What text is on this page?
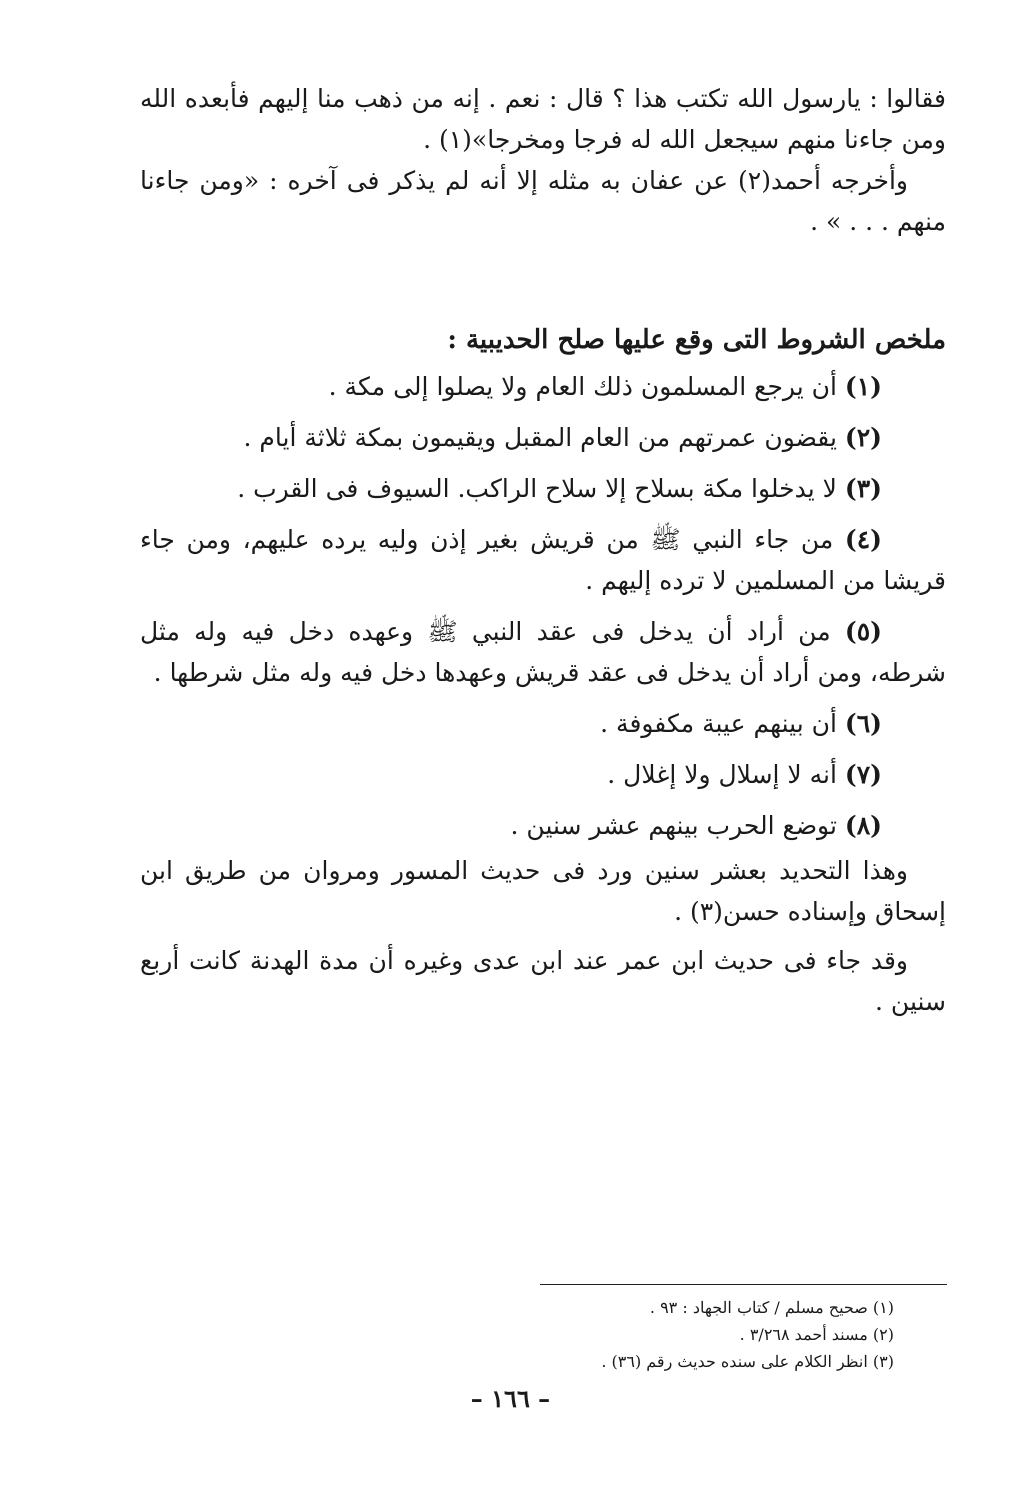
فقالوا : يارسول الله تكتب هذا ؟ قال : نعم . إنه من ذهب منا إليهم فأبعده الله ومن جاءنا منهم سيجعل الله له فرجا ومخرجا»(١) .

وأخرجه أحمد(٢) عن عفان به مثله إلا أنه لم يذكر فى آخره : «ومن جاءنا منهم . . . » .

ملخص الشروط التى وقع عليها صلح الحديبية :

(١) أن يرجع المسلمون ذلك العام ولا يصلوا إلى مكة .

(٢) يقضون عمرتهم من العام المقبل ويقيمون بمكة ثلاثة أيام .

(٣) لا يدخلوا مكة بسلاح إلا سلاح الراكب. السيوف فى القرب .

(٤) من جاء النبي ﷺ من قريش بغير إذن وليه يرده عليهم، ومن جاء قريشا من المسلمين لا ترده إليهم .

(٥) من أراد أن يدخل فى عقد النبي ﷺ وعهده دخل فيه وله مثل شرطه، ومن أراد أن يدخل فى عقد قريش وعهدها دخل فيه وله مثل شرطها .

(٦) أن بينهم عيبة مكفوفة .

(٧) أنه لا إسلال ولا إغلال .

(٨) توضع الحرب بينهم عشر سنين .

وهذا التحديد بعشر سنين ورد فى حديث المسور ومروان من طريق ابن إسحاق وإسناده حسن(٣) .

وقد جاء فى حديث ابن عمر عند ابن عدى وغيره أن مدة الهدنة كانت أربع سنين .

(١) صحيح مسلم / كتاب الجهاد : ٩٣ .

(٢) مسند أحمد ٣/٢٦٨ .

(٣) انظر الكلام على سنده حديث رقم (٣٦) .

– ١٦٦ –
